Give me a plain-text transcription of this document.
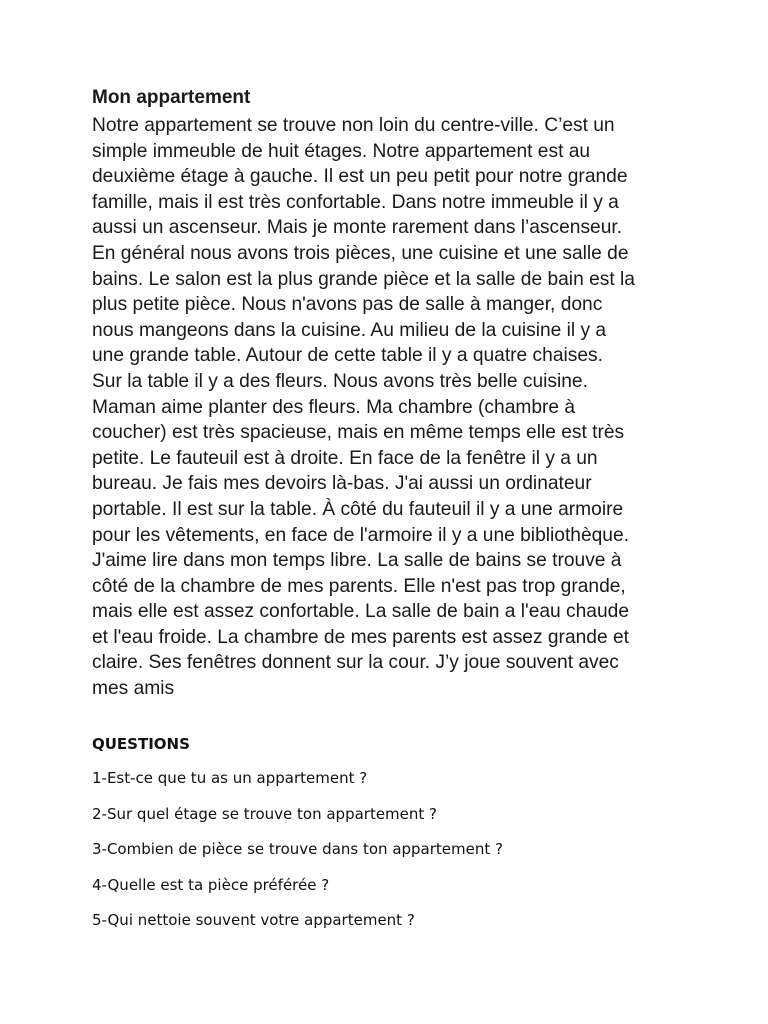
Mon appartement

Notre appartement se trouve non loin du centre-ville. C’est un
simple immeuble de huit étages. Notre appartement est au
deuxième étage à gauche. Il est un peu petit pour notre grande
famille, mais il est très confortable. Dans notre immeuble il y a
aussi un ascenseur. Mais je monte rarement dans l’ascenseur.
En général nous avons trois pièces, une cuisine et une salle de
bains. Le salon est la plus grande pièce et la salle de bain est la
plus petite pièce. Nous n'avons pas de salle à manger, donc
nous mangeons dans la cuisine. Au milieu de la cuisine il y a
une grande table. Autour de cette table il y a quatre chaises.
Sur la table il y a des fleurs. Nous avons très belle cuisine.
Maman aime planter des fleurs. Ma chambre (chambre à
coucher) est très spacieuse, mais en même temps elle est très
petite. Le fauteuil est à droite. En face de la fenêtre il y a un
bureau. Je fais mes devoirs là-bas. J'ai aussi un ordinateur
portable. Il est sur la table. À côté du fauteuil il y a une armoire
pour les vêtements, en face de l'armoire il y a une bibliothèque.
J'aime lire dans mon temps libre. La salle de bains se trouve à
côté de la chambre de mes parents. Elle n'est pas trop grande,
mais elle est assez confortable. La salle de bain a l'eau chaude
et l'eau froide. La chambre de mes parents est assez grande et
claire. Ses fenêtres donnent sur la cour. J’y joue souvent avec
mes amis

QUESTIONS
1-Est-ce que tu as un appartement ?
2-Sur quel étage se trouve ton appartement ?
3-Combien de pièce se trouve dans ton appartement ?
4-Quelle est ta pièce préférée ?
5-Qui nettoie souvent votre appartement ?
